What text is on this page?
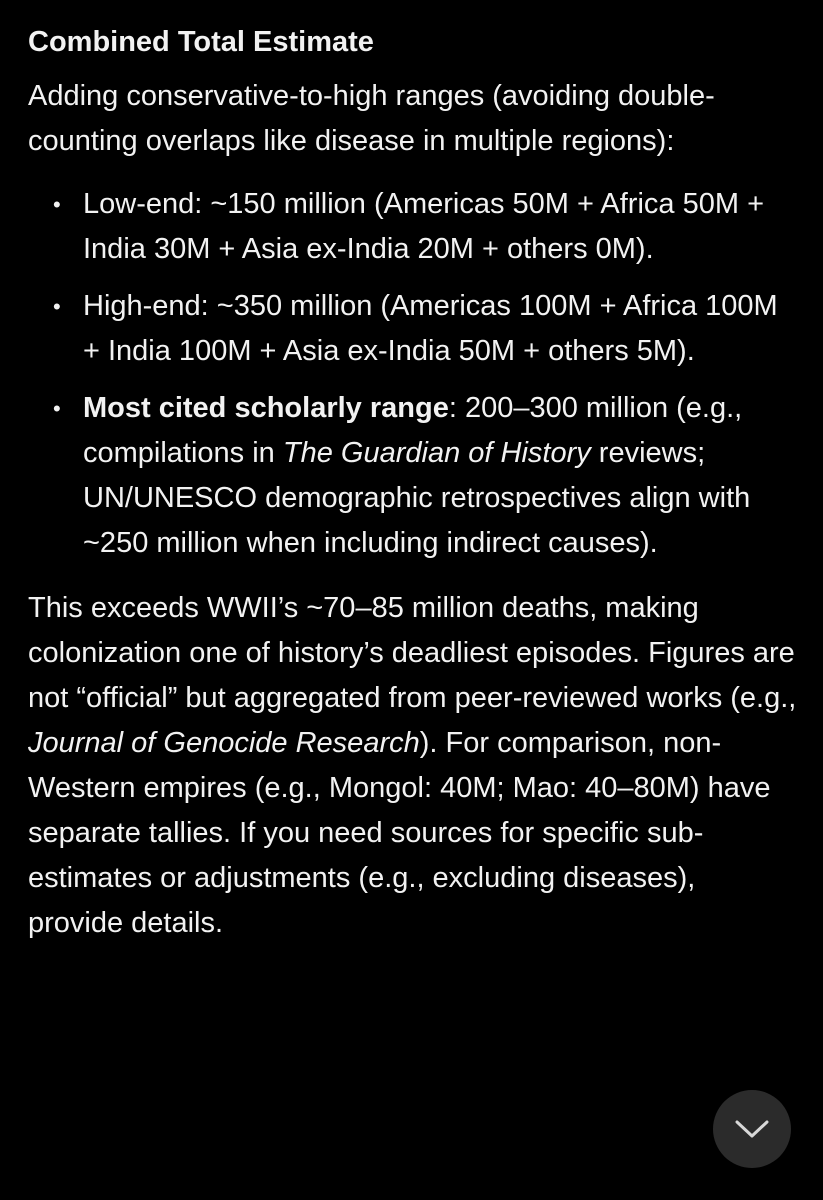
Combined Total Estimate

Adding conservative-to-high ranges (avoiding double-counting overlaps like disease in multiple regions):

• Low-end: ~150 million (Americas 50M + Africa 50M + India 30M + Asia ex-India 20M + others 0M).
• High-end: ~350 million (Americas 100M + Africa 100M + India 100M + Asia ex-India 50M + others 5M).
• Most cited scholarly range: 200–300 million (e.g., compilations in The Guardian of History reviews; UN/UNESCO demographic retrospectives align with ~250 million when including indirect causes).

This exceeds WWII’s ~70–85 million deaths, making colonization one of history’s deadliest episodes. Figures are not “official” but aggregated from peer-reviewed works (e.g., Journal of Genocide Research). For comparison, non-Western empires (e.g., Mongol: 40M; Mao: 40–80M) have separate tallies. If you need sources for specific sub-estimates or adjustments (e.g., excluding diseases), provide details.
